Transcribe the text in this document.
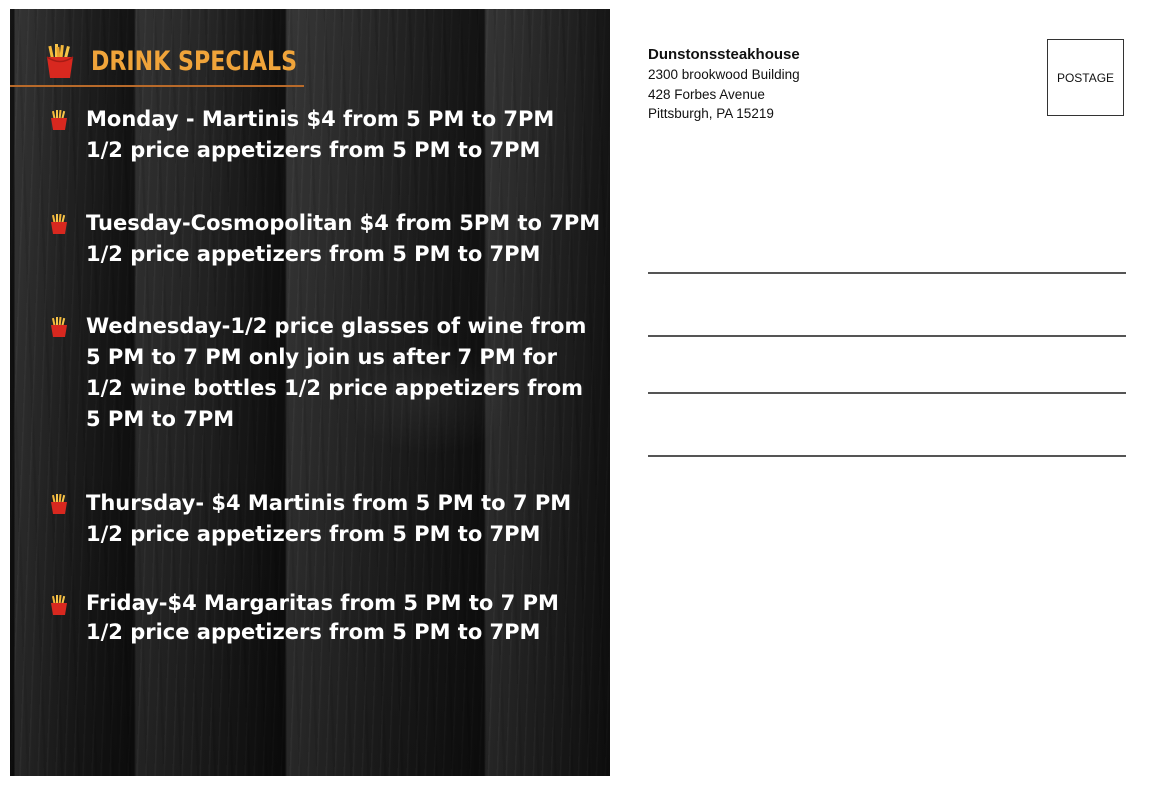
DRINK SPECIALS
Monday - Martinis $4 from 5 PM to 7PM
1/2 price appetizers from 5 PM to 7PM
Tuesday-Cosmopolitan $4 from 5PM to 7PM
1/2 price appetizers from 5 PM to 7PM
Wednesday-1/2 price glasses of wine from
5 PM to 7 PM only join us after 7 PM for
1/2 wine bottles 1/2 price appetizers from
5 PM to 7PM
Thursday- $4 Martinis from 5 PM to 7 PM
1/2 price appetizers from 5 PM to 7PM
Friday-$4 Margaritas from 5 PM to 7 PM
1/2 price appetizers from 5 PM to 7PM
Dunstonssteakhouse
2300 brookwood Building
428 Forbes Avenue
Pittsburgh, PA 15219
POSTAGE
